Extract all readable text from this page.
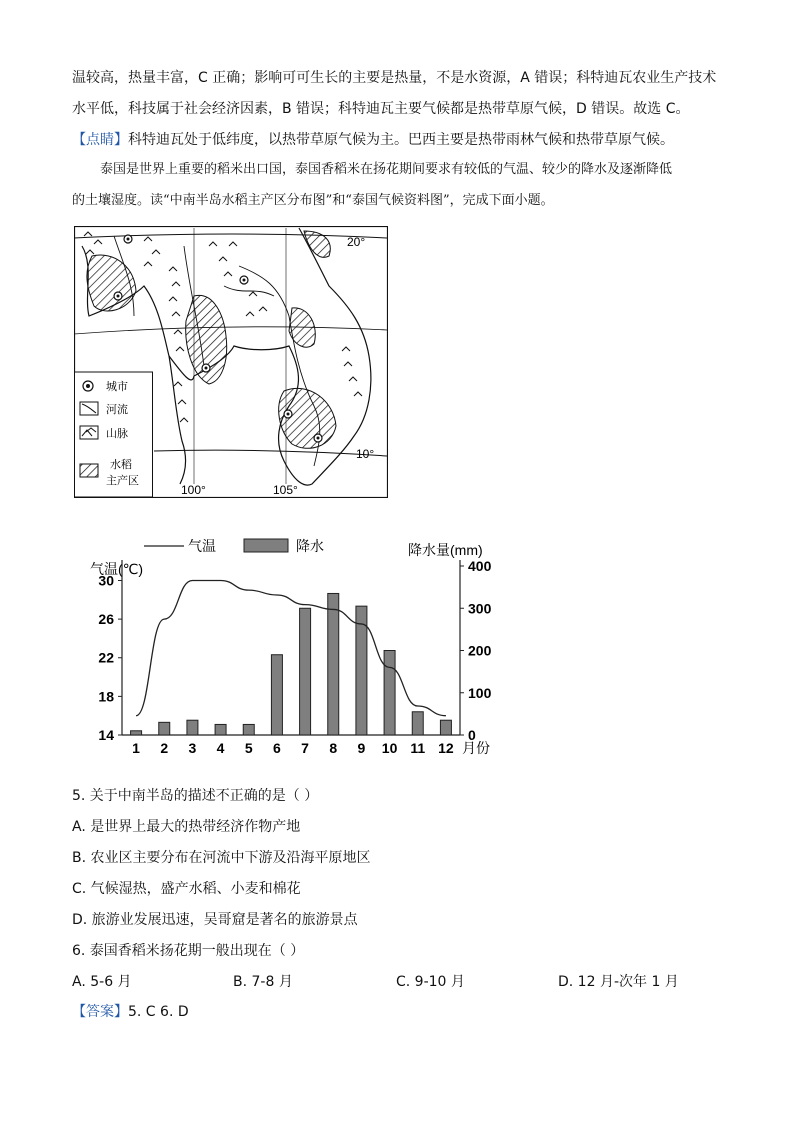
温较高，热量丰富，C 正确；影响可可生长的主要是热量，不是水资源，A 错误；科特迪瓦农业生产技术
水平低，科技属于社会经济因素，B 错误；科特迪瓦主要气候都是热带草原气候，D 错误。故选 C。
【点睛】科特迪瓦处于低纬度，以热带草原气候为主。巴西主要是热带雨林气候和热带草原气候。
泰国是世界上重要的稻米出口国，泰国香稻米在扬花期间要求有较低的气温、较少的降水及逐渐降低
的土壤湿度。读“中南半岛水稻主产区分布图”和“泰国气候资料图”，完成下面小题。
20°
10°
100°	105°
城市
河流
山脉
水稻
主产区
气温	降水	降水量(mm)
气温(℃)
30
26
22
18
14
400
300
200
100
0
1 2 3 4 5 6 7 8 9 10 11 12 月份
5. 关于中南半岛的描述不正确的是（ ）
A. 是世界上最大的热带经济作物产地
B. 农业区主要分布在河流中下游及沿海平原地区
C. 气候湿热，盛产水稻、小麦和棉花
D. 旅游业发展迅速，吴哥窟是著名的旅游景点
6. 泰国香稻米扬花期一般出现在（ ）
A. 5-6 月	B. 7-8 月	C. 9-10 月	D. 12 月-次年 1 月
【答案】5. C 6. D
